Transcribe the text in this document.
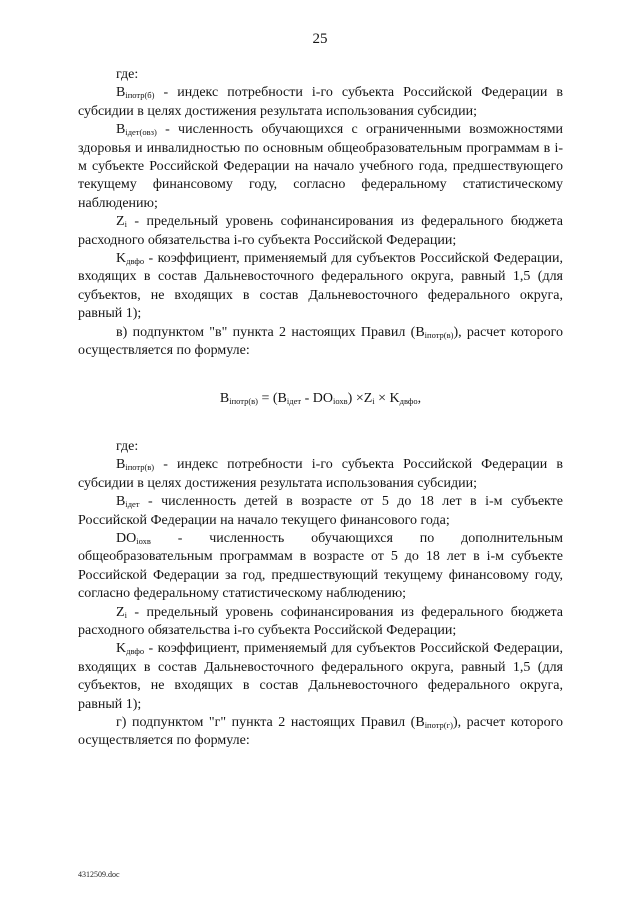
25

где:

$B_{iпотр(б)}$ - индекс потребности i-го субъекта Российской Федерации в субсидии в целях достижения результата использования субсидии;

$B_{iдет(овз)}$ - численность обучающихся с ограниченными возможностями здоровья и инвалидностью по основным общеобразовательным программам в i-м субъекте Российской Федерации на начало учебного года, предшествующего текущему финансовому году, согласно федеральному статистическому наблюдению;

$Z_i$ - предельный уровень софинансирования из федерального бюджета расходного обязательства i-го субъекта Российской Федерации;

$K_{двфо}$ - коэффициент, применяемый для субъектов Российской Федерации, входящих в состав Дальневосточного федерального округа, равный 1,5 (для субъектов, не входящих в состав Дальневосточного федерального округа, равный 1);

в) подпунктом "в" пункта 2 настоящих Правил $(B_{iпотр(в)})$, расчет которого осуществляется по формуле:

$B_{iпотр(в)} = (B_{iдет} - DO_{iохв}) \times Z_i \times K_{двфо}$,

где:

$B_{iпотр(в)}$ - индекс потребности i-го субъекта Российской Федерации в субсидии в целях достижения результата использования субсидии;

$B_{iдет}$ - численность детей в возрасте от 5 до 18 лет в i-м субъекте Российской Федерации на начало текущего финансового года;

$DO_{iохв}$ - численность обучающихся по дополнительным общеобразовательным программам в возрасте от 5 до 18 лет в i-м субъекте Российской Федерации за год, предшествующий текущему финансовому году, согласно федеральному статистическому наблюдению;

$Z_i$ - предельный уровень софинансирования из федерального бюджета расходного обязательства i-го субъекта Российской Федерации;

$K_{двфо}$ - коэффициент, применяемый для субъектов Российской Федерации, входящих в состав Дальневосточного федерального округа, равный 1,5 (для субъектов, не входящих в состав Дальневосточного федерального округа, равный 1);

г) подпунктом "г" пункта 2 настоящих Правил $(B_{iпотр(г)})$, расчет которого осуществляется по формуле:

4312509.doc
